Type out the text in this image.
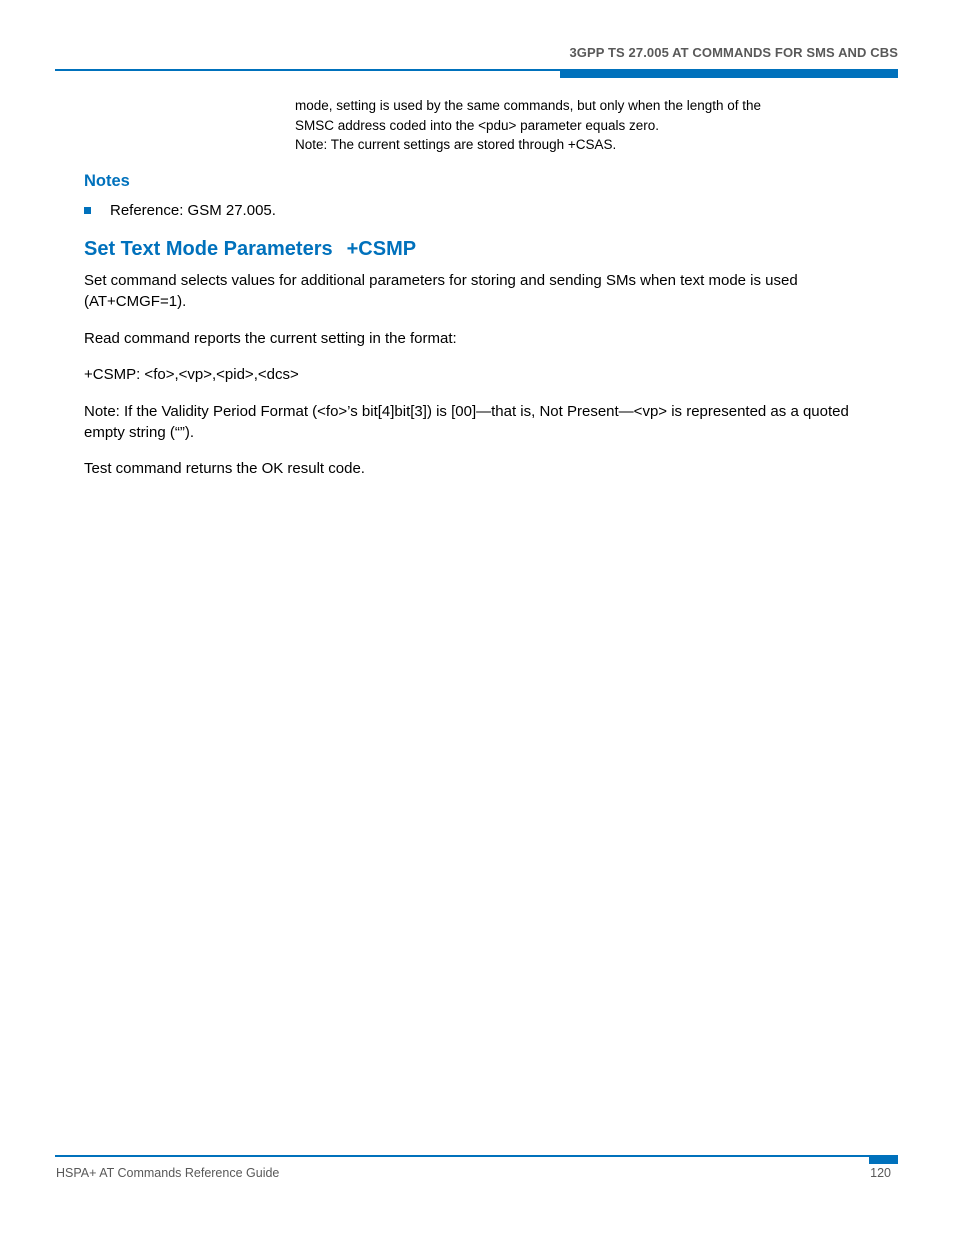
3GPP TS 27.005 AT COMMANDS FOR SMS AND CBS

mode, setting is used by the same commands, but only when the length of the

SMSC address coded into the <pdu> parameter equals zero.

Note: The current settings are stored through +CSAS.

Notes
Reference: GSM 27.005.
Set Text Mode Parameters +CSMP

Set command selects values for additional parameters for storing and sending SMs when text mode is used (AT+CMGF=1).

Read command reports the current setting in the format:

+CSMP: <fo>,<vp>,<pid>,<dcs>

Note: If the Validity Period Format (<fo>’s bit[4]bit[3]) is [00]—that is, Not Present—<vp> is represented as a quoted empty string (“”).

Test command returns the OK result code.

HSPA+ AT Commands Reference Guide	120
